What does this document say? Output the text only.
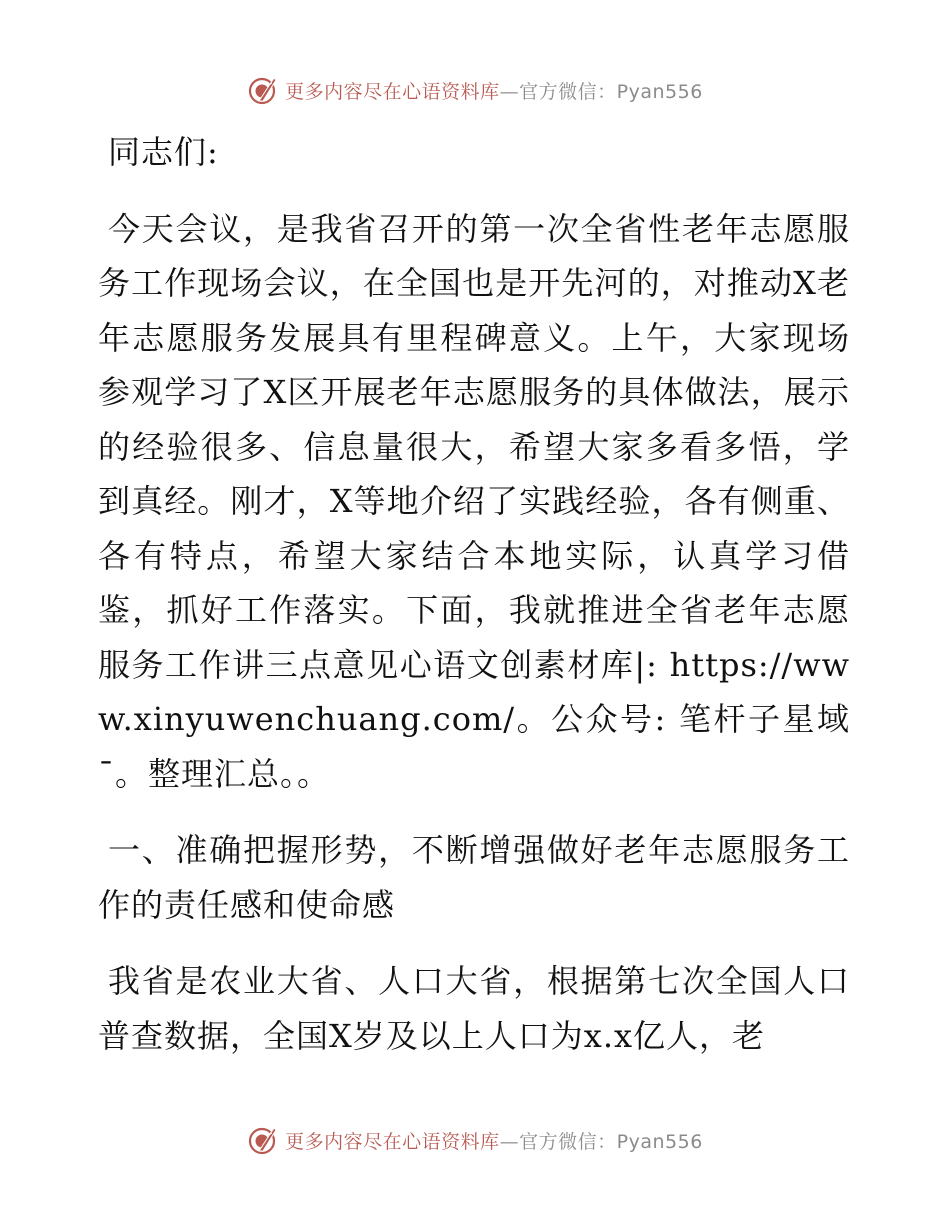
更多内容尽在心语资料库—官方微信：Pyan556

同志们:

今天会议，是我省召开的第一次全省性老年志愿服务工作现场会议，在全国也是开先河的，对推动X老年志愿服务发展具有里程碑意义。上午，大家现场参观学习了X区开展老年志愿服务的具体做法，展示的经验很多、信息量很大，希望大家多看多悟，学到真经。刚才，X等地介绍了实践经验，各有侧重、各有特点，希望大家结合本地实际，认真学习借鉴，抓好工作落实。下面，我就推进全省老年志愿服务工作讲三点意见心语文创素材库|: https://www.xinyuwenchuang.com/。公众号: 笔杆子星域¯。整理汇总。。

一、准确把握形势，不断增强做好老年志愿服务工作的责任感和使命感

我省是农业大省、人口大省，根据第七次全国人口普查数据，全国X岁及以上人口为x.x亿人，老

更多内容尽在心语资料库—官方微信：Pyan556
